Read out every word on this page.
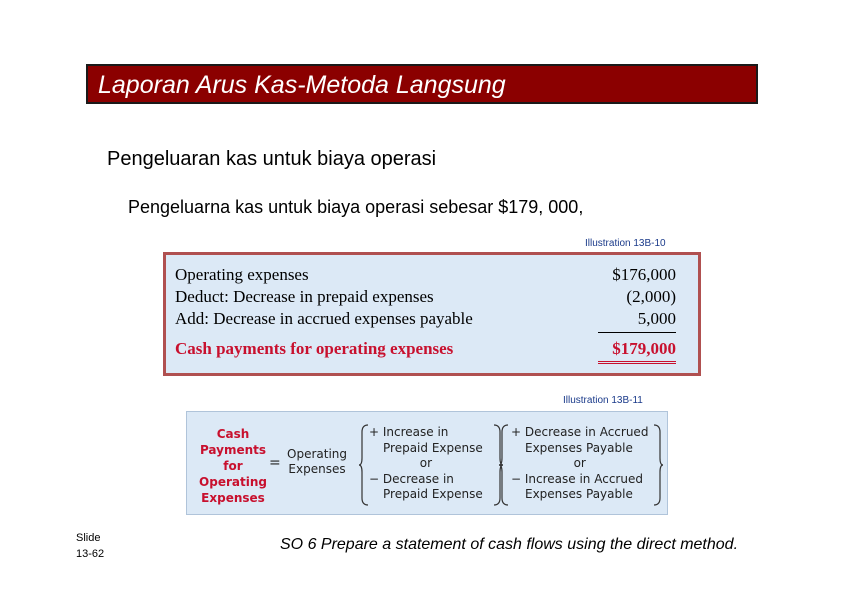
Laporan Arus Kas-Metoda Langsung
Pengeluaran kas untuk biaya operasi
Pengeluarna kas untuk biaya operasi sebesar $179, 000,
Illustration 13B-10
Operating expenses	$176,000
Deduct: Decrease in prepaid expenses	(2,000)
Add: Decrease in accrued expenses payable	5,000
Cash payments for operating expenses	$179,000
Illustration 13B-11
Cash
Payments
for
Operating
Expenses
=
Operating
Expenses
+ Increase in
Prepaid Expense
or
− Decrease in
Prepaid Expense
+ Decrease in Accrued
Expenses Payable
or
− Increase in Accrued
Expenses Payable
Slide
13-62
SO 6 Prepare a statement of cash flows using the direct method.
